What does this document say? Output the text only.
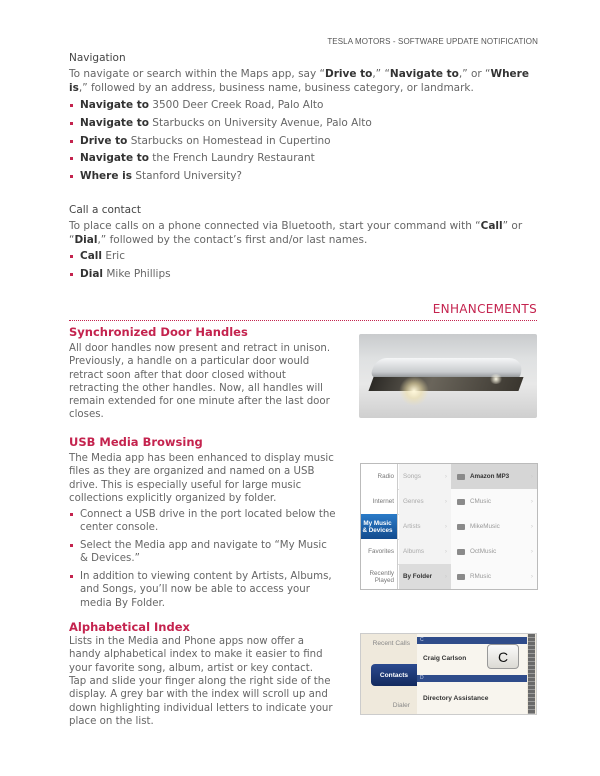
TESLA MOTORS - SOFTWARE UPDATE NOTIFICATION
Navigation
To navigate or search within the Maps app, say “Drive to,” “Navigate to,” or “Where is,” followed by an address, business name, business category, or landmark.
Navigate to 3500 Deer Creek Road, Palo Alto
Navigate to Starbucks on University Avenue, Palo Alto
Drive to Starbucks on Homestead in Cupertino
Navigate to the French Laundry Restaurant
Where is Stanford University?
Call a contact
To place calls on a phone connected via Bluetooth, start your command with “Call” or “Dial,” followed by the contact’s first and/or last names.
Call Eric
Dial Mike Phillips
ENHANCEMENTS
Synchronized Door Handles
All door handles now present and retract in unison. Previously, a handle on a particular door would retract soon after that door closed without retracting the other handles. Now, all handles will remain extended for one minute after the last door closes.
USB Media Browsing
The Media app has been enhanced to display music files as they are organized and named on a USB drive. This is especially useful for large music collections explicitly organized by folder.
Connect a USB drive in the port located below the center console.
Select the Media app and navigate to “My Music & Devices.”
In addition to viewing content by Artists, Albums, and Songs, you’ll now be able to access your media By Folder.
Radio	Songs	›	Amazon MP3	›
Internet	Genres	›	CMusic	›
My Music & Devices	Artists	›	MikeMusic	›
Favorites	Albums	›	OctMusic	›
Recently Played	By Folder ›	RMusic	›
Alphabetical Index
Lists in the Media and Phone apps now offer a handy alphabetical index to make it easier to find your favorite song, album, artist or key contact.
Tap and slide your finger along the right side of the display. A grey bar with the index will scroll up and down highlighting individual letters to indicate your place on the list.
Recent Calls
Contacts
Dialer
C
Craig Carlson
D
Directory Assistance
C
